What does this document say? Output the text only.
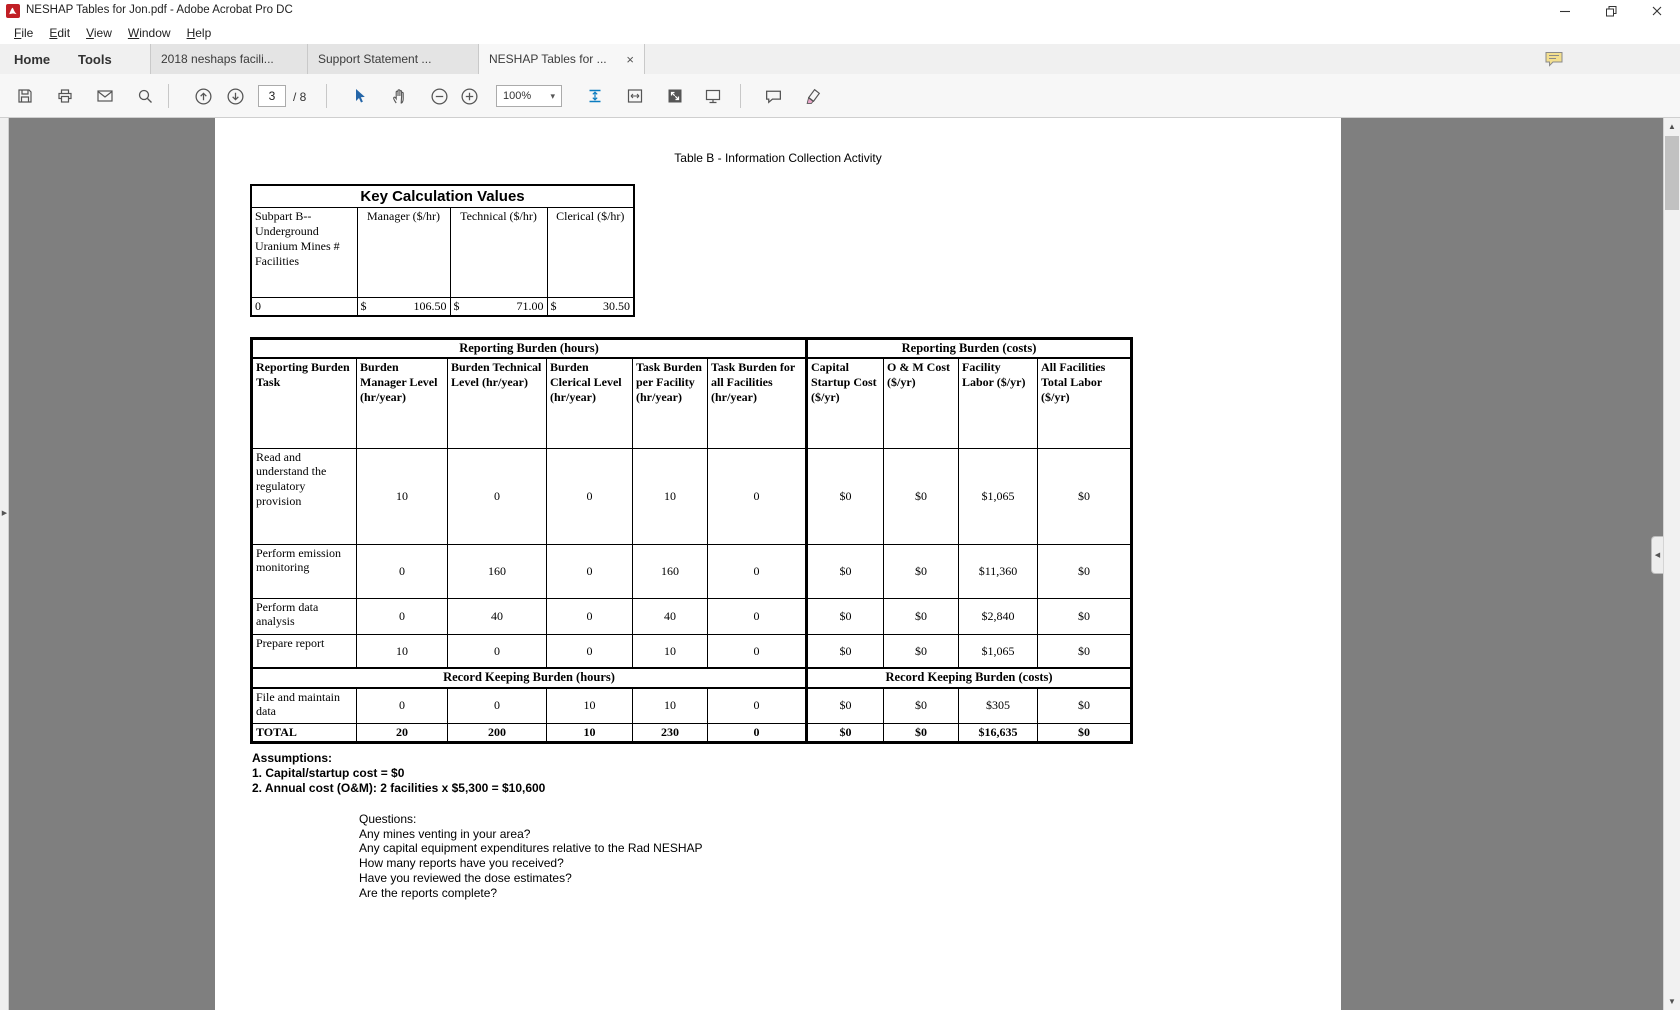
NESHAP Tables for Jon.pdf - Adobe Acrobat Pro DC
File	Edit	View	Window	Help
Home Tools	2018 neshaps facili...	Support Statement ...	NESHAP Tables for ... ×
3
/ 8	100% ▾
Table B - Information Collection Activity
Key Calculation Values			
Subpart B--Underground Uranium Mines # Facilities	Manager ($/hr)	Technical ($/hr)	Clerical ($/hr)
0	$ 106.50	$ 71.00	$ 30.50
Reporting Burden (hours)						Reporting Burden (costs)			
Reporting Burden Task	Burden Manager Level (hr/year)	Burden Technical Level (hr/year)	Burden Clerical Level (hr/year)	Task Burden per Facility (hr/year)	Task Burden for all Facilities (hr/year)	Capital Startup Cost ($/yr)	O & M Cost ($/yr)	Facility Labor ($/yr)	All Facilities Total Labor ($/yr)
Read and understand the regulatory provision	10	0	0	10	0	$0	$0	$1,065	$0
Perform emission monitoring	0	160	0	160	0	$0	$0	$11,360	$0
Perform data analysis	0	40	0	40	0	$0	$0	$2,840	$0
Prepare report	10	0	0	10	0	$0	$0	$1,065	$0
Record Keeping Burden (hours)						Record Keeping Burden (costs)			
File and maintain data	0	0	10	10	0	$0	$0	$305	$0
TOTAL	20	200	10	230	0	$0	$0	$16,635	$0
Assumptions:
1. Capital/startup cost = $0
2. Annual cost (O&M): 2 facilities x $5,300 = $10,600
Questions:
Any mines venting in your area?
Any capital equipment expenditures relative to the Rad NESHAP
How many reports have you received?
Have you reviewed the dose estimates?
Are the reports complete?
▶
◀
▲
▼
